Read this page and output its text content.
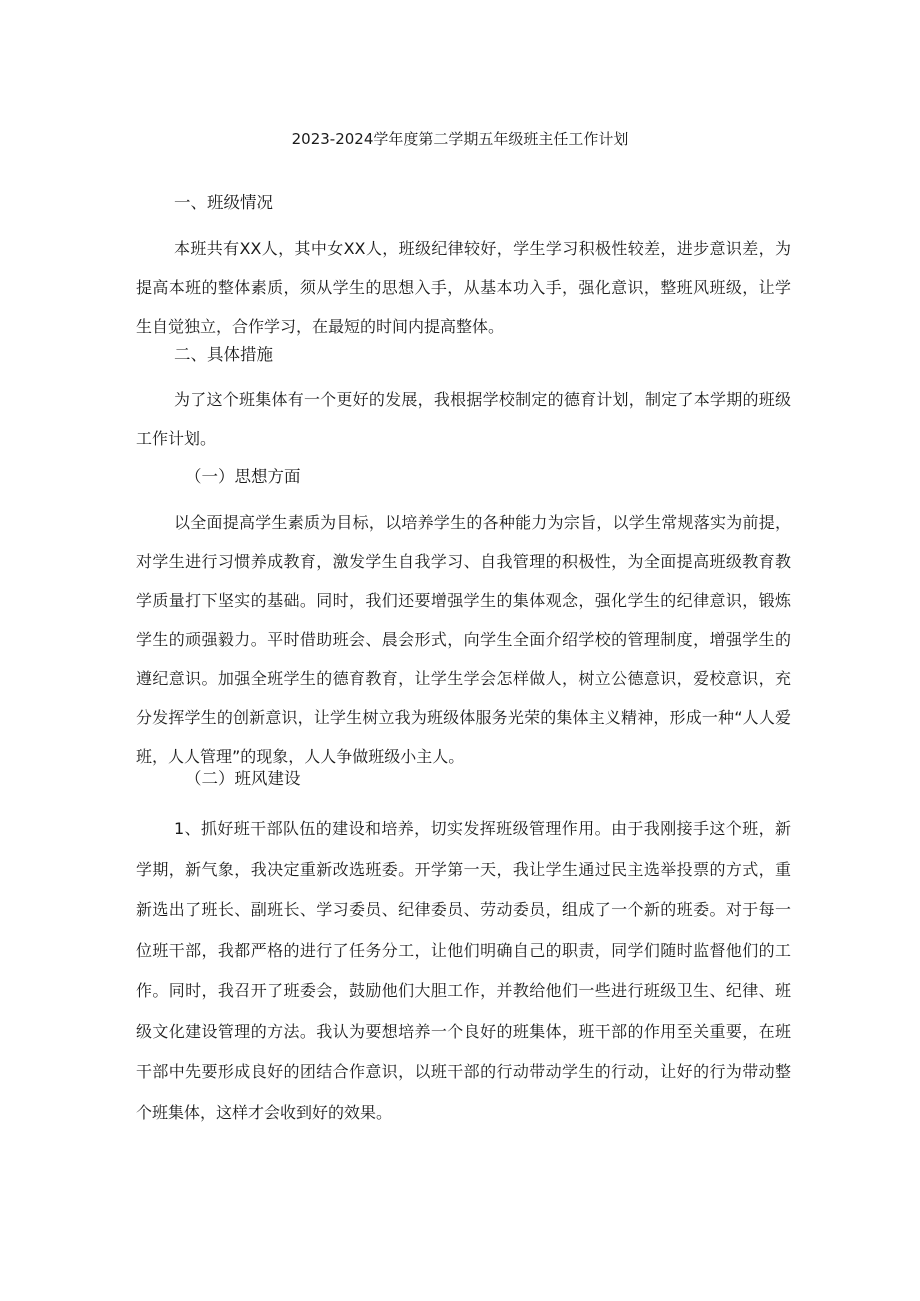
2023-2024学年度第二学期五年级班主任工作计划
一、班级情况

本班共有XX人，其中女XX人，班级纪律较好，学生学习积极性较差，进步意识差，为提高本班的整体素质，须从学生的思想入手，从基本功入手，强化意识，整班风班级，让学生自觉独立，合作学习，在最短的时间内提高整体。

二、具体措施

为了这个班集体有一个更好的发展，我根据学校制定的德育计划，制定了本学期的班级工作计划。

（一）思想方面

以全面提高学生素质为目标，以培养学生的各种能力为宗旨，以学生常规落实为前提，对学生进行习惯养成教育，激发学生自我学习、自我管理的积极性，为全面提高班级教育教学质量打下坚实的基础。同时，我们还要增强学生的集体观念，强化学生的纪律意识，锻炼学生的顽强毅力。平时借助班会、晨会形式，向学生全面介绍学校的管理制度，增强学生的遵纪意识。加强全班学生的德育教育，让学生学会怎样做人，树立公德意识，爱校意识，充分发挥学生的创新意识，让学生树立我为班级体服务光荣的集体主义精神，形成一种“人人爱班，人人管理”的现象，人人争做班级小主人。

（二）班风建设

1、抓好班干部队伍的建设和培养，切实发挥班级管理作用。由于我刚接手这个班，新学期，新气象，我决定重新改选班委。开学第一天，我让学生通过民主选举投票的方式，重新选出了班长、副班长、学习委员、纪律委员、劳动委员，组成了一个新的班委。对于每一位班干部，我都严格的进行了任务分工，让他们明确自己的职责，同学们随时监督他们的工作。同时，我召开了班委会，鼓励他们大胆工作，并教给他们一些进行班级卫生、纪律、班级文化建设管理的方法。我认为要想培养一个良好的班集体，班干部的作用至关重要，在班干部中先要形成良好的团结合作意识，以班干部的行动带动学生的行动，让好的行为带动整个班集体，这样才会收到好的效果。
